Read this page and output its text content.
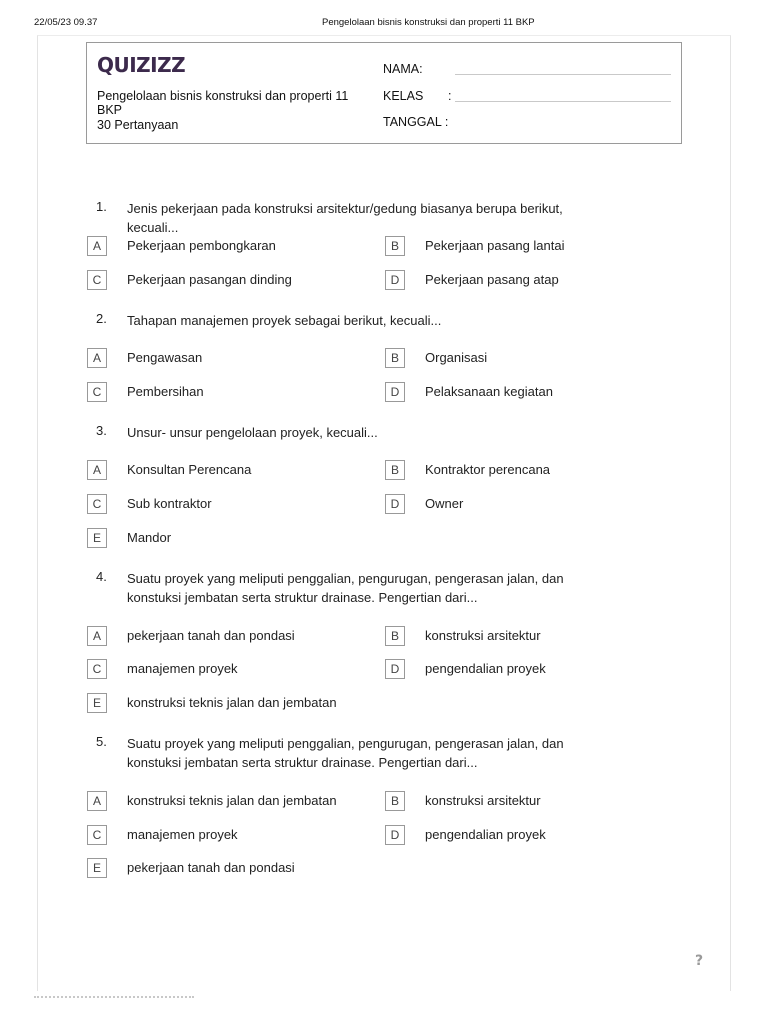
22/05/23 09.37	Pengelolaan bisnis konstruksi dan properti 11 BKP
QUIZIZZ
Pengelolaan bisnis konstruksi dan properti 11 BKP
30 Pertanyaan
NAMA:
KELAS :
TANGGAL :
1. Jenis pekerjaan pada konstruksi arsitektur/gedung biasanya berupa berikut, kecuali...
A	Pekerjaan pembongkaran	B	Pekerjaan pasang lantai
C	Pekerjaan pasangan dinding	D	Pekerjaan pasang atap
2. Tahapan manajemen proyek sebagai berikut, kecuali...
A	Pengawasan	B	Organisasi
C	Pembersihan	D	Pelaksanaan kegiatan
3. Unsur- unsur pengelolaan proyek, kecuali...
A	Konsultan Perencana	B	Kontraktor perencana
C	Sub kontraktor	D	Owner
E	Mandor
4. Suatu proyek yang meliputi penggalian, pengurugan, pengerasan jalan, dan konstuksi jembatan serta struktur drainase. Pengertian dari...
A	pekerjaan tanah dan pondasi	B	konstruksi arsitektur
C	manajemen proyek	D	pengendalian proyek
E	konstruksi teknis jalan dan jembatan
5. Suatu proyek yang meliputi penggalian, pengurugan, pengerasan jalan, dan konstuksi jembatan serta struktur drainase. Pengertian dari...
A	konstruksi teknis jalan dan jembatan	B	konstruksi arsitektur
C	manajemen proyek	D	pengendalian proyek
E	pekerjaan tanah dan pondasi
?
